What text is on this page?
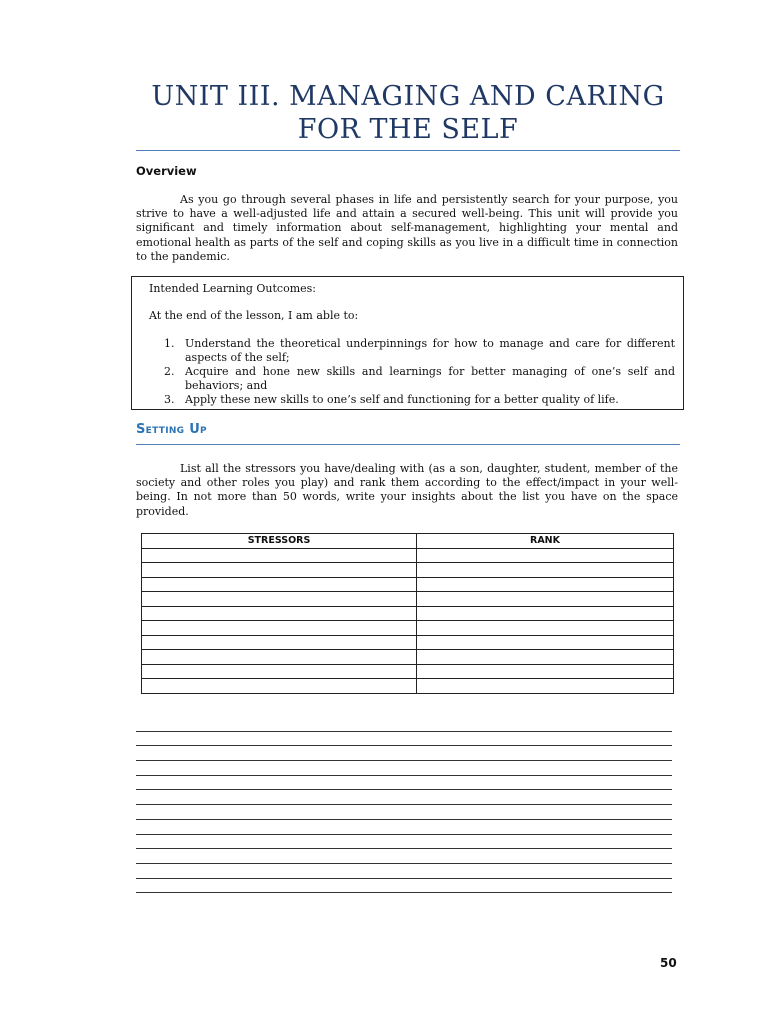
UNIT III. MANAGING AND CARING
FOR THE SELF
Overview
As you go through several phases in life and persistently search for your purpose, you strive to have a well-adjusted life and attain a secured well-being. This unit will provide you significant and timely information about self-management, highlighting your mental and emotional health as parts of the self and coping skills as you live in a difficult time in connection to the pandemic.
Intended Learning Outcomes:
At the end of the lesson, I am able to:
1. Understand the theoretical underpinnings for how to manage and care for different aspects of the self;
2. Acquire and hone new skills and learnings for better managing of one’s self and behaviors; and
3. Apply these new skills to one’s self and functioning for a better quality of life.
Setting Up
List all the stressors you have/dealing with (as a son, daughter, student, member of the society and other roles you play) and rank them according to the effect/impact in your well-being. In not more than 50 words, write your insights about the list you have on the space provided.
STRESSORS	RANK

50
